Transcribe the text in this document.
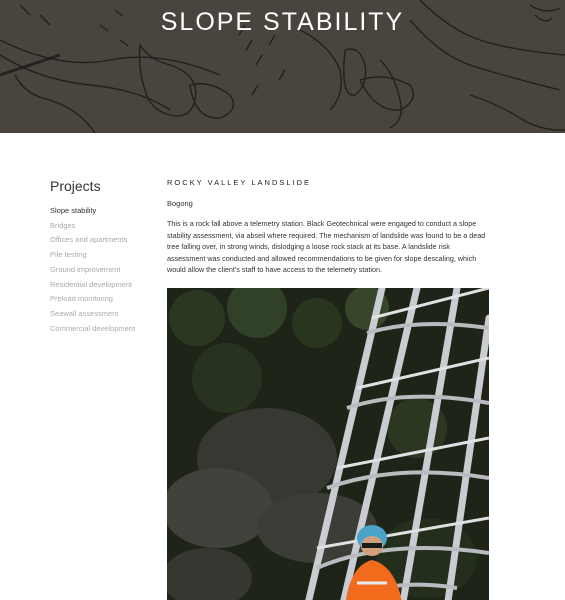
SLOPE STABILITY
Projects
Slope stability
Bridges
Offices and apartments
Pile testing
Ground improvement
Residential development
Preload monitoring
Seawall assessment
Commercial development
ROCKY VALLEY LANDSLIDE

Bogong

This is a rock fall above a telemetry station. Black Geotechnical were engaged to conduct a slope stability assessment, via abseil where required. The mechanism of landslide was found to be a dead tree falling over, in strong winds, dislodging a loose rock stack at its base. A landslide risk assessment was conducted and allowed recommendations to be given for slope descaling, which would allow the client's staff to have access to the telemetry station.
